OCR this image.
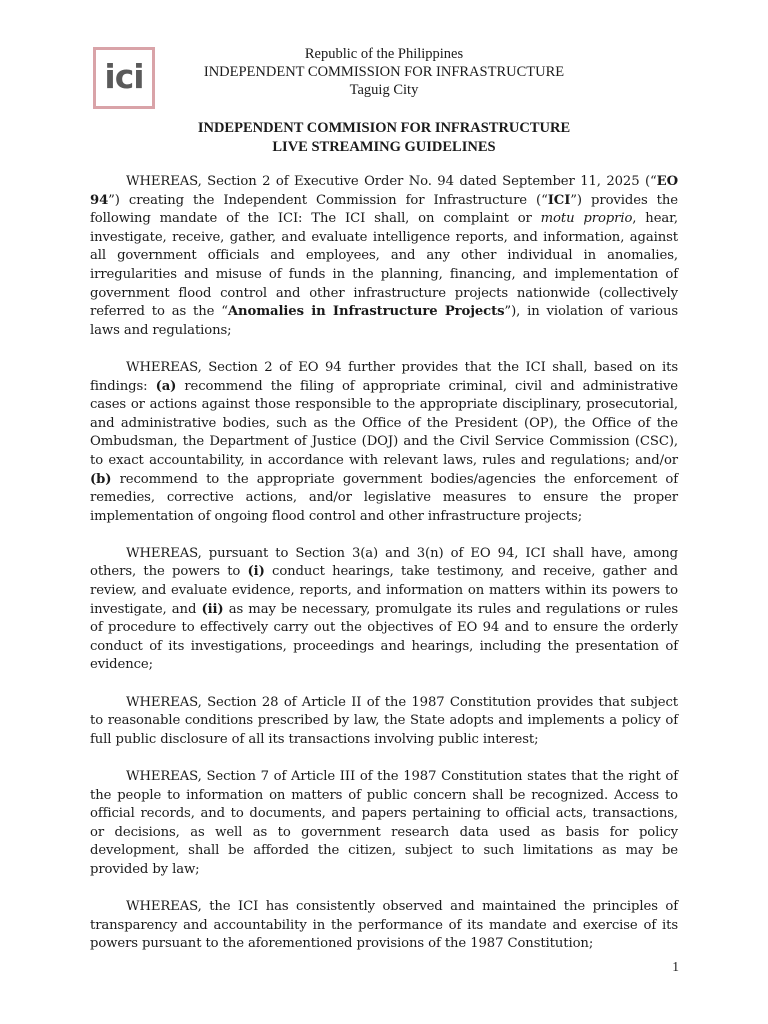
ici
Republic of the Philippines
INDEPENDENT COMMISSION FOR INFRASTRUCTURE
Taguig City
INDEPENDENT COMMISION FOR INFRASTRUCTURE
LIVE STREAMING GUIDELINES

WHEREAS, Section 2 of Executive Order No. 94 dated September 11, 2025 (“EO 94”) creating the Independent Commission for Infrastructure (“ICI”) provides the following mandate of the ICI: The ICI shall, on complaint or motu proprio, hear, investigate, receive, gather, and evaluate intelligence reports, and information, against all government officials and employees, and any other individual in anomalies, irregularities and misuse of funds in the planning, financing, and implementation of government flood control and other infrastructure projects nationwide (collectively referred to as the “Anomalies in Infrastructure Projects”), in violation of various laws and regulations;

WHEREAS, Section 2 of EO 94 further provides that the ICI shall, based on its findings: (a) recommend the filing of appropriate criminal, civil and administrative cases or actions against those responsible to the appropriate disciplinary, prosecutorial, and administrative bodies, such as the Office of the President (OP), the Office of the Ombudsman, the Department of Justice (DOJ) and the Civil Service Commission (CSC), to exact accountability, in accordance with relevant laws, rules and regulations; and/or (b) recommend to the appropriate government bodies/agencies the enforcement of remedies, corrective actions, and/or legislative measures to ensure the proper implementation of ongoing flood control and other infrastructure projects;

WHEREAS, pursuant to Section 3(a) and 3(n) of EO 94, ICI shall have, among others, the powers to (i) conduct hearings, take testimony, and receive, gather and review, and evaluate evidence, reports, and information on matters within its powers to investigate, and (ii) as may be necessary, promulgate its rules and regulations or rules of procedure to effectively carry out the objectives of EO 94 and to ensure the orderly conduct of its investigations, proceedings and hearings, including the presentation of evidence;

WHEREAS, Section 28 of Article II of the 1987 Constitution provides that subject to reasonable conditions prescribed by law, the State adopts and implements a policy of full public disclosure of all its transactions involving public interest;

WHEREAS, Section 7 of Article III of the 1987 Constitution states that the right of the people to information on matters of public concern shall be recognized. Access to official records, and to documents, and papers pertaining to official acts, transactions, or decisions, as well as to government research data used as basis for policy development, shall be afforded the citizen, subject to such limitations as may be provided by law;

WHEREAS, the ICI has consistently observed and maintained the principles of transparency and accountability in the performance of its mandate and exercise of its powers pursuant to the aforementioned provisions of the 1987 Constitution;

1
